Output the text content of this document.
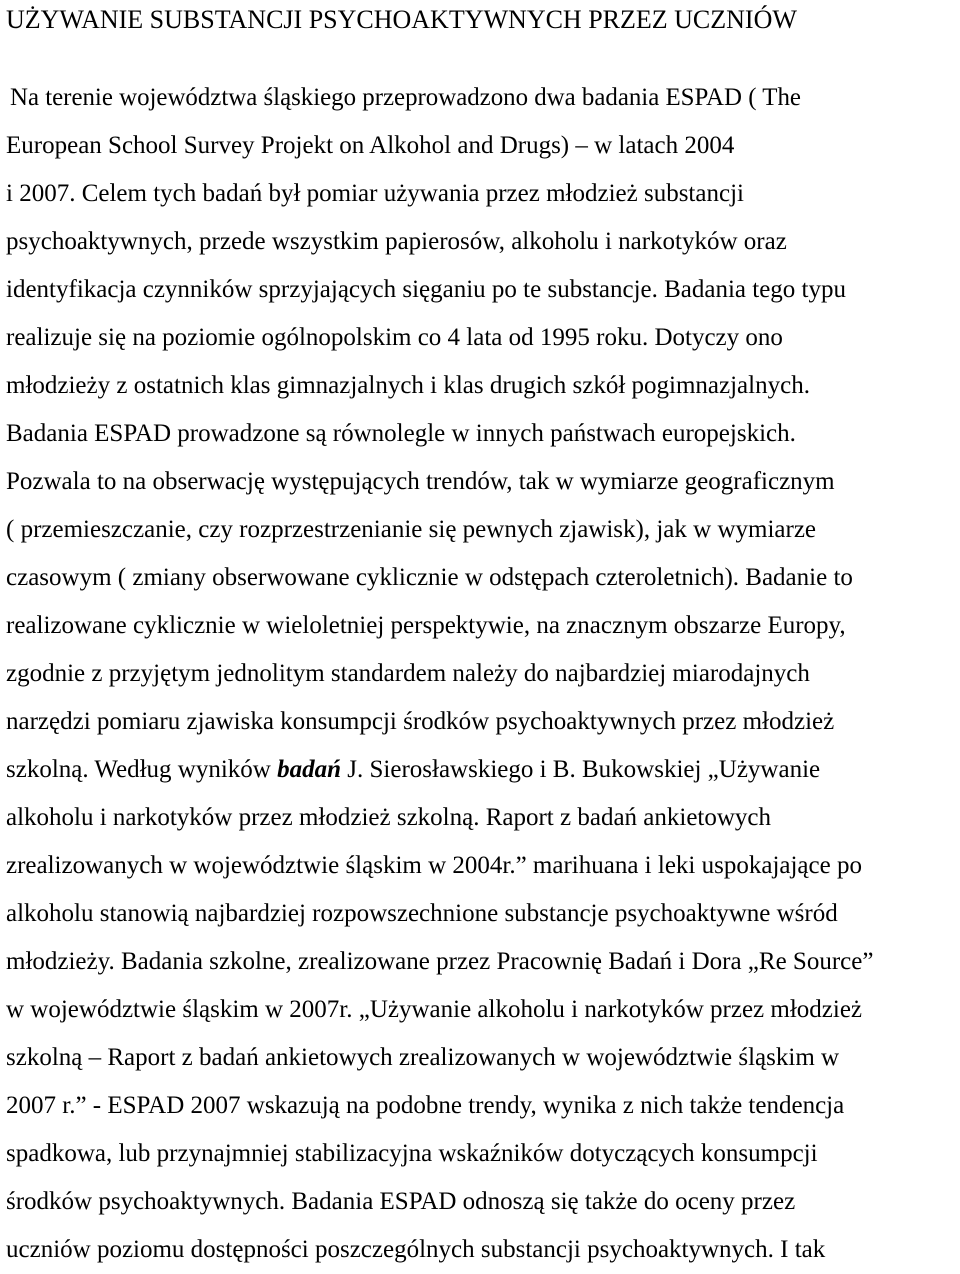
UŻYWANIE SUBSTANCJI PSYCHOAKTYWNYCH PRZEZ UCZNIÓW
Na terenie województwa śląskiego przeprowadzono dwa badania ESPAD ( The
European School Survey Projekt on Alkohol and Drugs) – w latach 2004
i 2007. Celem tych badań był pomiar używania przez młodzież substancji
psychoaktywnych, przede wszystkim papierosów, alkoholu i narkotyków oraz
identyfikacja czynników sprzyjających sięganiu po te substancje. Badania tego typu
realizuje się na poziomie ogólnopolskim co 4 lata od 1995 roku. Dotyczy ono
młodzieży z ostatnich klas gimnazjalnych i klas drugich szkół pogimnazjalnych.
Badania ESPAD prowadzone są równolegle w innych państwach europejskich.
Pozwala to na obserwację występujących trendów, tak w wymiarze geograficznym
( przemieszczanie, czy rozprzestrzenianie się pewnych zjawisk), jak w wymiarze
czasowym ( zmiany obserwowane cyklicznie w odstępach czteroletnich). Badanie to
realizowane cyklicznie w wieloletniej perspektywie, na znacznym obszarze Europy,
zgodnie z przyjętym jednolitym standardem należy do najbardziej miarodajnych
narzędzi pomiaru zjawiska konsumpcji środków psychoaktywnych przez młodzież
szkolną. Według wyników badań J. Sierosławskiego i B. Bukowskiej „Używanie
alkoholu i narkotyków przez młodzież szkolną. Raport z badań ankietowych
zrealizowanych w województwie śląskim w 2004r.” marihuana i leki uspokajające po
alkoholu stanowią najbardziej rozpowszechnione substancje psychoaktywne wśród
młodzieży. Badania szkolne, zrealizowane przez Pracownię Badań i Dora „Re Source”
w województwie śląskim w 2007r. „Używanie alkoholu i narkotyków przez młodzież
szkolną – Raport z badań ankietowych zrealizowanych w województwie śląskim w
2007 r.” - ESPAD 2007 wskazują na podobne trendy, wynika z nich także tendencja
spadkowa, lub przynajmniej stabilizacyjna wskaźników dotyczących konsumpcji
środków psychoaktywnych. Badania ESPAD odnoszą się także do oceny przez
uczniów poziomu dostępności poszczególnych substancji psychoaktywnych. I tak
